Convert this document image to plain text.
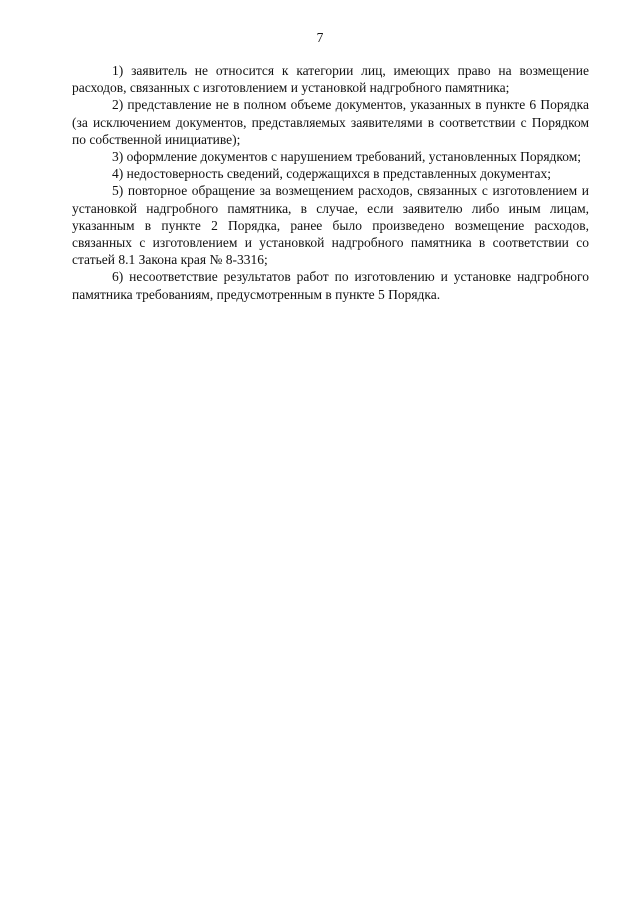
7

1) заявитель не относится к категории лиц, имеющих право на возмещение расходов, связанных с изготовлением и установкой надгробного памятника;

2) представление не в полном объеме документов, указанных в пункте 6 Порядка (за исключением документов, представляемых заявителями в соответствии с Порядком по собственной инициативе);

3) оформление документов с нарушением требований, установленных Порядком;

4) недостоверность сведений, содержащихся в представленных документах;

5) повторное обращение за возмещением расходов, связанных с изготовлением и установкой надгробного памятника, в случае, если заявителю либо иным лицам, указанным в пункте 2 Порядка, ранее было произведено возмещение расходов, связанных с изготовлением и установкой надгробного памятника в соответствии со статьей 8.1 Закона края № 8-3316;

6) несоответствие результатов работ по изготовлению и установке надгробного памятника требованиям, предусмотренным в пункте 5 Порядка.
